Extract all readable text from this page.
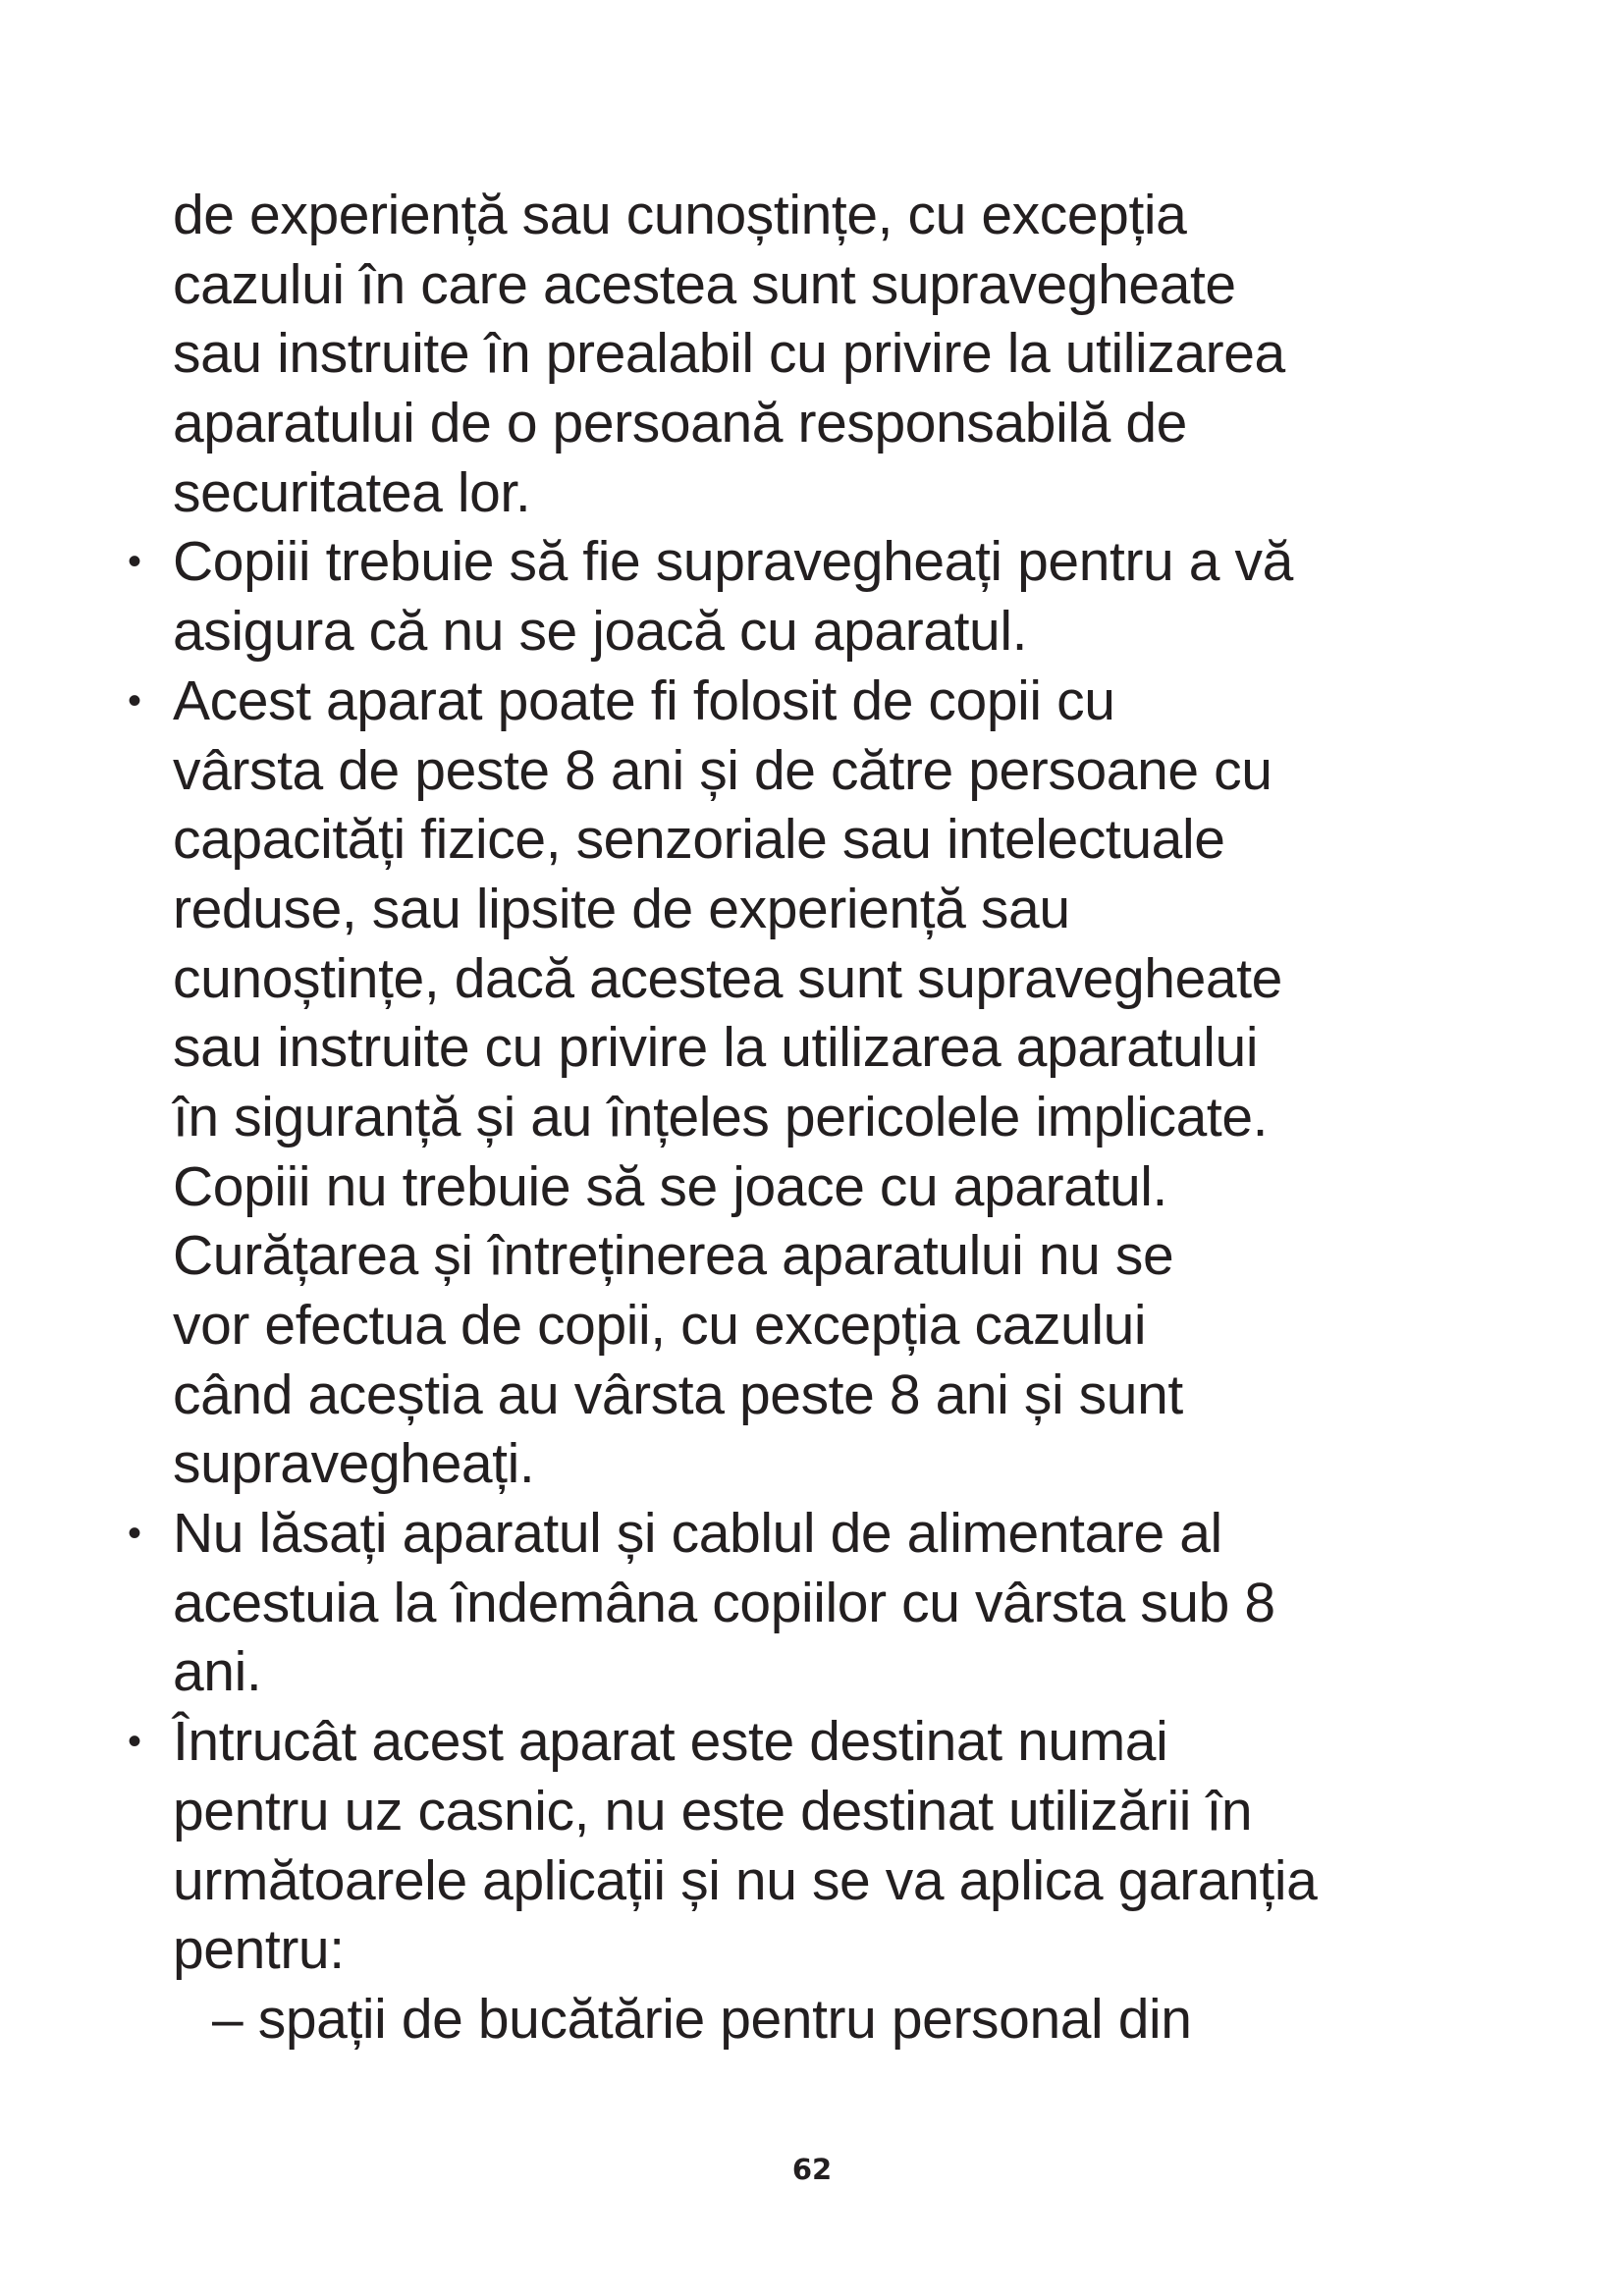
de experiență sau cunoștințe, cu excepția
cazului în care acestea sunt supravegheate
sau instruite în prealabil cu privire la utilizarea
aparatului de o persoană responsabilă de
securitatea lor.
• Copiii trebuie să fie supravegheați pentru a vă
asigura că nu se joacă cu aparatul.
• Acest aparat poate fi folosit de copii cu
vârsta de peste 8 ani și de către persoane cu
capacități fizice, senzoriale sau intelectuale
reduse, sau lipsite de experiență sau
cunoștințe, dacă acestea sunt supravegheate
sau instruite cu privire la utilizarea aparatului
în siguranță și au înțeles pericolele implicate.
Copiii nu trebuie să se joace cu aparatul.
Curățarea și întreținerea aparatului nu se
vor efectua de copii, cu excepția cazului
când aceștia au vârsta peste 8 ani și sunt
supravegheați.
• Nu lăsați aparatul și cablul de alimentare al
acestuia la îndemâna copiilor cu vârsta sub 8
ani.
• Întrucât acest aparat este destinat numai
pentru uz casnic, nu este destinat utilizării în
următoarele aplicații și nu se va aplica garanția
pentru:
– spații de bucătărie pentru personal din
62
